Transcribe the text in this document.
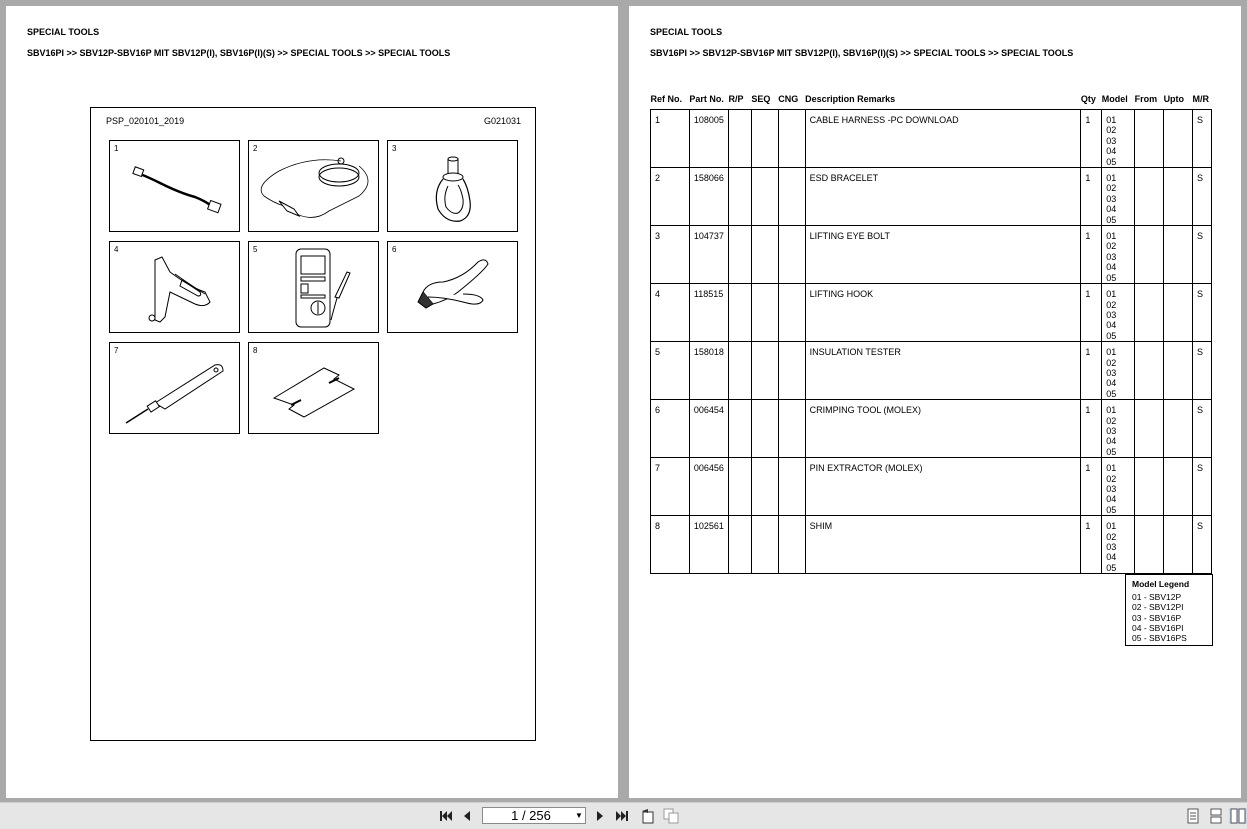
SPECIAL TOOLS
SBV16PI >> SBV12P-SBV16P MIT SBV12P(I), SBV16P(I)(S) >> SPECIAL TOOLS >> SPECIAL TOOLS
PSP_020101_2019	G021031
1	2	3
4	5	6
7	8
SPECIAL TOOLS
SBV16PI >> SBV12P-SBV16P MIT SBV12P(I), SBV16P(I)(S) >> SPECIAL TOOLS >> SPECIAL TOOLS
Ref No.	Part No.	R/P	SEQ	CNG	Description Remarks	Qty	Model	From	Upto	M/R
1	108005				CABLE HARNESS -PC DOWNLOAD	1	01
02
03
04
05			S
2	158066				ESD BRACELET	1	01
02
03
04
05			S
3	104737				LIFTING EYE BOLT	1	01
02
03
04
05			S
4	118515				LIFTING HOOK	1	01
02
03
04
05			S
5	158018				INSULATION TESTER	1	01
02
03
04
05			S
6	006454				CRIMPING TOOL (MOLEX)	1	01
02
03
04
05			S
7	006456				PIN EXTRACTOR (MOLEX)	1	01
02
03
04
05			S
8	102561				SHIM	1	01
02
03
04
05			S
Model Legend
01 - SBV12P
02 - SBV12PI
03 - SBV16P
04 - SBV16PI
05 - SBV16PS
1 / 256	▼
